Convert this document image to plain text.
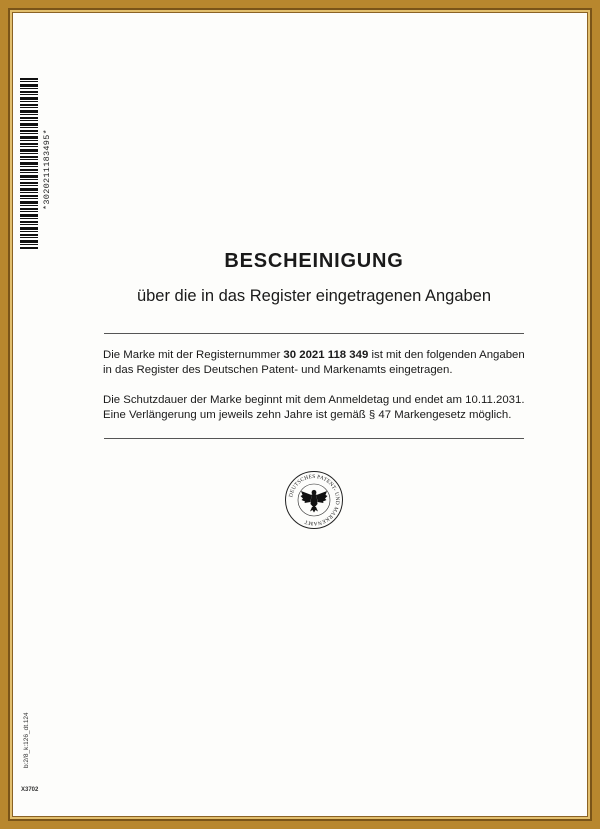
*3020211183495*
BESCHEINIGUNG

über die in das Register eingetragenen Angaben

Die Marke mit der Registernummer 30 2021 118 349 ist mit den folgenden Angaben in das Register des Deutschen Patent- und Markenamts eingetragen.

Die Schutzdauer der Marke beginnt mit dem Anmeldetag und endet am 10.11.2031.
Eine Verlängerung um jeweils zehn Jahre ist gemäß § 47 Markengesetz möglich.

DEUTSCHES PATENT- UND MARKENAMT
b:2/8_k:126_dt.124
X3702
